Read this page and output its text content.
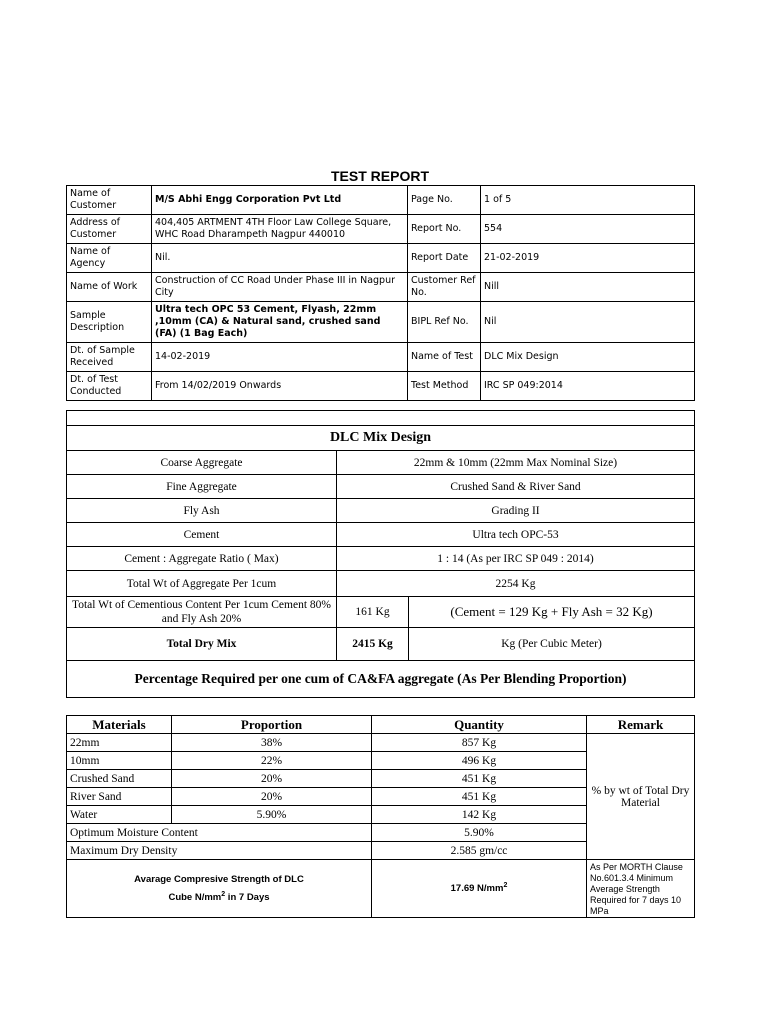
TEST REPORT
Name of Customer	M/S Abhi Engg Corporation Pvt Ltd	Page No.	1 of 5
Address of Customer	404,405 ARTMENT 4TH Floor Law College Square, WHC Road Dharampeth Nagpur 440010	Report No.	554
Name of Agency	Nil.	Report Date	21-02-2019
Name of Work	Construction of CC Road Under Phase III in Nagpur City	Customer Ref No.	Nill
Sample Description	Ultra tech OPC 53 Cement, Flyash, 22mm ,10mm (CA) & Natural sand, crushed sand (FA) (1 Bag Each)	BIPL Ref No.	Nil
Dt. of Sample Received	14-02-2019	Name of Test	DLC Mix Design
Dt. of Test Conducted	From 14/02/2019 Onwards	Test Method	IRC SP 049:2014

DLC Mix Design		
Coarse Aggregate	22mm & 10mm (22mm Max Nominal Size)	
Fine Aggregate	Crushed Sand & River Sand	
Fly Ash	Grading II	
Cement	Ultra tech OPC-53	
Cement : Aggregate Ratio ( Max)	1 : 14 (As per IRC SP 049 : 2014)	
Total Wt of Aggregate Per 1cum	2254 Kg	
Total Wt of Cementious Content Per 1cum Cement 80% and Fly Ash 20%	161 Kg	(Cement = 129 Kg + Fly Ash = 32 Kg)
Total Dry Mix	2415 Kg	Kg (Per Cubic Meter)
Percentage Required per one cum of CA&FA aggregate (As Per Blending Proportion)		
Materials	Proportion	Quantity	Remark
22mm	38%	857 Kg	% by wt of Total Dry Material
10mm	22%	496 Kg	
Crushed Sand	20%	451 Kg	
River Sand	20%	451 Kg	
Water	5.90%	142 Kg	
Optimum Moisture Content		5.90%	
Maximum Dry Density		2.585 gm/cc	
Avarage Compresive Strength of DLC
Cube $N/mm^2$ in 7 Days		17.69 $N/mm^2$	As Per MORTH Clause No.601.3.4 Minimum Average Strength Required for 7 days 10 MPa
